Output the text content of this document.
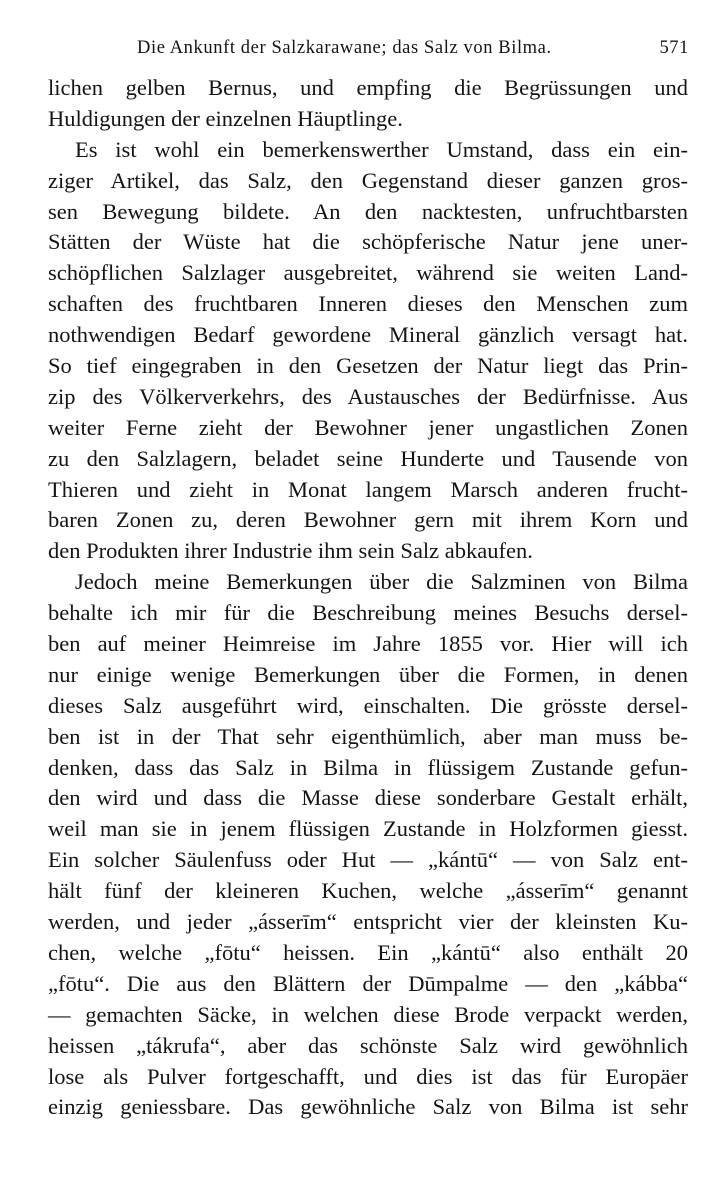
Die Ankunft der Salzkarawane; das Salz von Bilma.	571
lichen gelben Bernus, und empfing die Begrüssungen und
Huldigungen der einzelnen Häuptlinge.
Es ist wohl ein bemerkenswerther Umstand, dass ein ein-
ziger Artikel, das Salz, den Gegenstand dieser ganzen gros-
sen Bewegung bildete. An den nacktesten, unfruchtbarsten
Stätten der Wüste hat die schöpferische Natur jene uner-
schöpflichen Salzlager ausgebreitet, während sie weiten Land-
schaften des fruchtbaren Inneren dieses den Menschen zum
nothwendigen Bedarf gewordene Mineral gänzlich versagt hat.
So tief eingegraben in den Gesetzen der Natur liegt das Prin-
zip des Völkerverkehrs, des Austausches der Bedürfnisse. Aus
weiter Ferne zieht der Bewohner jener ungastlichen Zonen
zu den Salzlagern, beladet seine Hunderte und Tausende von
Thieren und zieht in Monat langem Marsch anderen frucht-
baren Zonen zu, deren Bewohner gern mit ihrem Korn und
den Produkten ihrer Industrie ihm sein Salz abkaufen.
Jedoch meine Bemerkungen über die Salzminen von Bilma
behalte ich mir für die Beschreibung meines Besuchs dersel-
ben auf meiner Heimreise im Jahre 1855 vor. Hier will ich
nur einige wenige Bemerkungen über die Formen, in denen
dieses Salz ausgeführt wird, einschalten. Die grösste dersel-
ben ist in der That sehr eigenthümlich, aber man muss be-
denken, dass das Salz in Bilma in flüssigem Zustande gefun-
den wird und dass die Masse diese sonderbare Gestalt erhält,
weil man sie in jenem flüssigen Zustande in Holzformen giesst.
Ein solcher Säulenfuss oder Hut — „kántū“ — von Salz ent-
hält fünf der kleineren Kuchen, welche „ásserīm“ genannt
werden, und jeder „ásserīm“ entspricht vier der kleinsten Ku-
chen, welche „fōtu“ heissen. Ein „kántū“ also enthält 20
„fōtu“. Die aus den Blättern der Dūmpalme — den „kábba“
— gemachten Säcke, in welchen diese Brode verpackt werden,
heissen „tákrufa“, aber das schönste Salz wird gewöhnlich
lose als Pulver fortgeschafft, und dies ist das für Europäer
einzig geniessbare. Das gewöhnliche Salz von Bilma ist sehr
